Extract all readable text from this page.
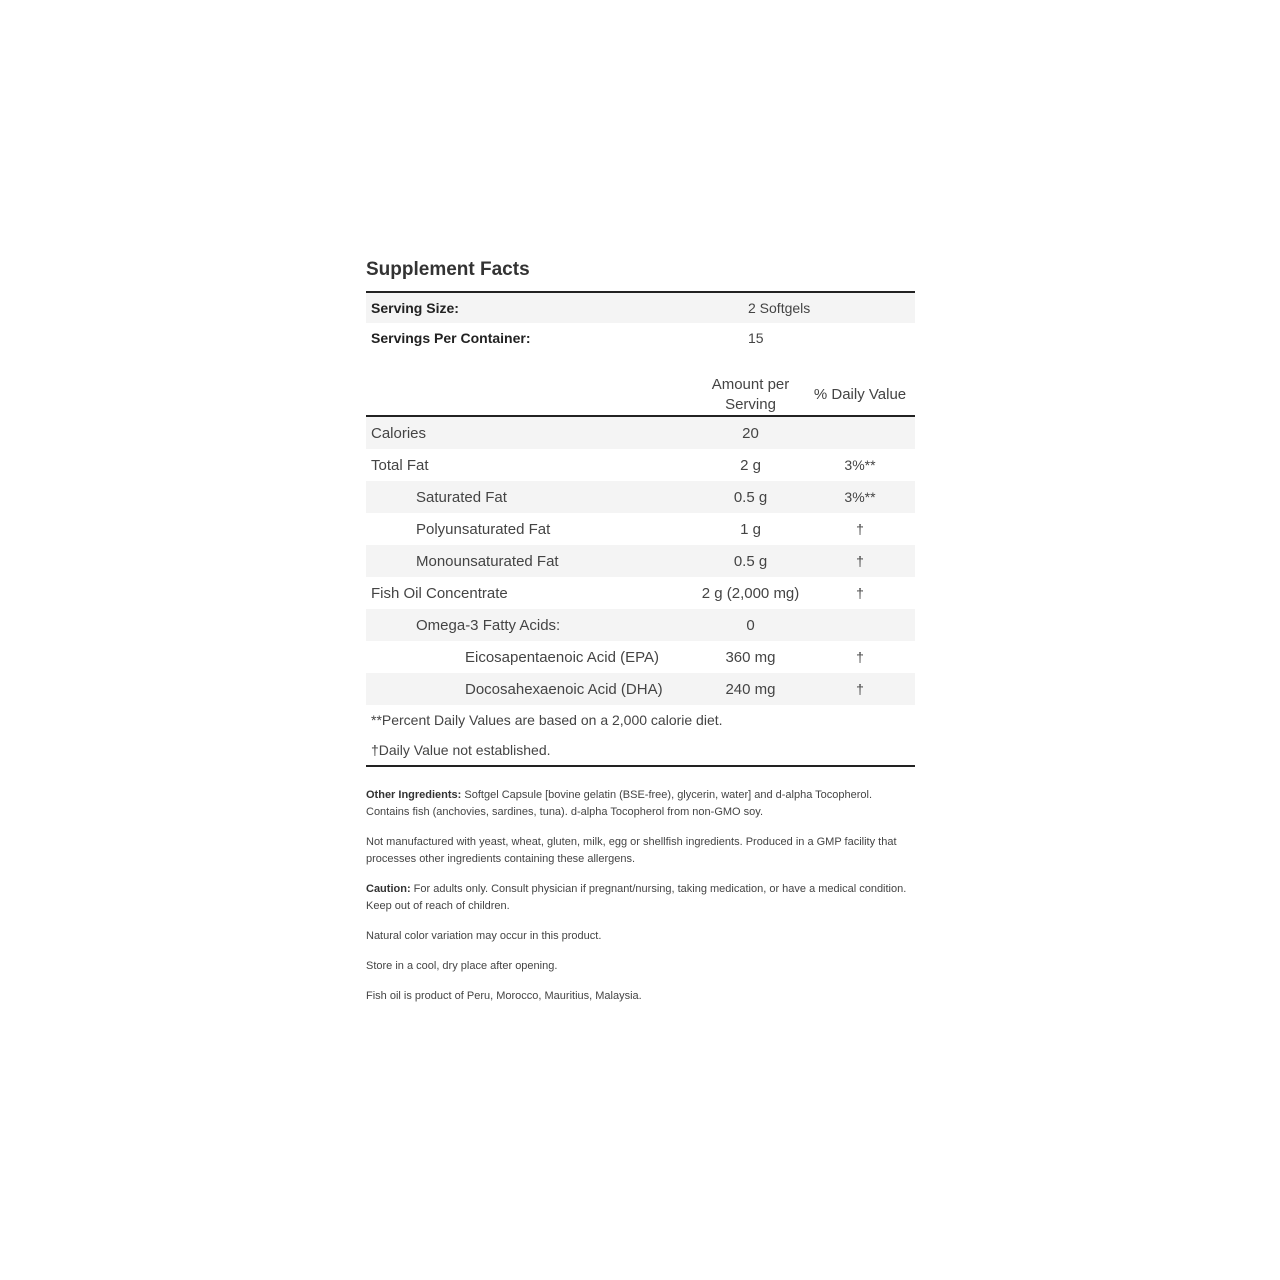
Supplement Facts
Serving Size:	2 Softgels
Servings Per Container:	15
	Amount per Serving	% Daily Value
Calories	20	
Total Fat	2 g	3%**
Saturated Fat	0.5 g	3%**
Polyunsaturated Fat	1 g	†
Monounsaturated Fat	0.5 g	†
Fish Oil Concentrate	2 g (2,000 mg)	†
Omega-3 Fatty Acids:	0	
Eicosapentaenoic Acid (EPA)	360 mg	†
Docosahexaenoic Acid (DHA)	240 mg	†
**Percent Daily Values are based on a 2,000 calorie diet.
†Daily Value not established.

Other Ingredients: Softgel Capsule [bovine gelatin (BSE-free), glycerin, water] and d-alpha Tocopherol. Contains fish (anchovies, sardines, tuna). d-alpha Tocopherol from non-GMO soy.

Not manufactured with yeast, wheat, gluten, milk, egg or shellfish ingredients. Produced in a GMP facility that processes other ingredients containing these allergens.

Caution: For adults only. Consult physician if pregnant/nursing, taking medication, or have a medical condition. Keep out of reach of children.

Natural color variation may occur in this product.

Store in a cool, dry place after opening.

Fish oil is product of Peru, Morocco, Mauritius, Malaysia.
